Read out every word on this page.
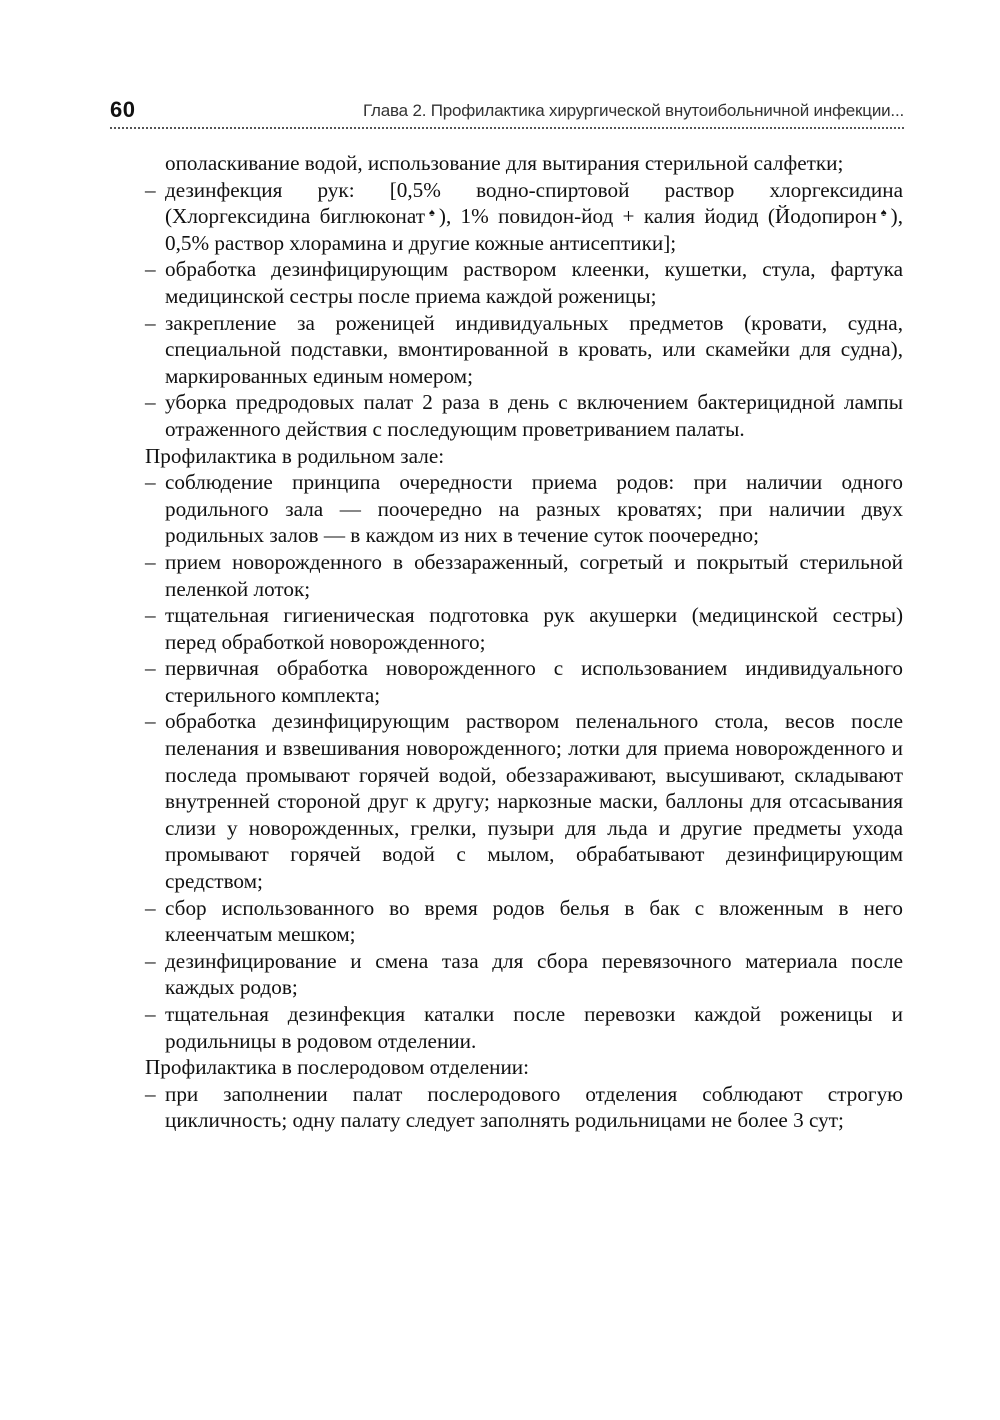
60	Глава 2. Профилактика хирургической внутоибольничной инфекции...

ополаскивание водой, использование для вытирания стерильной салфетки;

– дезинфекция рук: [0,5% водно-спиртовой раствор хлоргексидина (Хлоргексидина биглюконат♠), 1% повидон-йод + калия йодид (Йодопирон♠), 0,5% раствор хлорамина и другие кожные антисептики];

– обработка дезинфицирующим раствором клеенки, кушетки, стула, фартука медицинской сестры после приема каждой роженицы;

– закрепление за роженицей индивидуальных предметов (кровати, судна, специальной подставки, вмонтированной в кровать, или скамейки для судна), маркированных единым номером;

– уборка предродовых палат 2 раза в день с включением бактерицидной лампы отраженного действия с последующим проветриванием палаты.

Профилактика в родильном зале:

– соблюдение принципа очередности приема родов: при наличии одного родильного зала — поочередно на разных кроватях; при наличии двух родильных залов — в каждом из них в течение суток поочередно;

– прием новорожденного в обеззараженный, согретый и покрытый стерильной пеленкой лоток;

– тщательная гигиеническая подготовка рук акушерки (медицинской сестры) перед обработкой новорожденного;

– первичная обработка новорожденного с использованием индивидуального стерильного комплекта;

– обработка дезинфицирующим раствором пеленального стола, весов после пеленания и взвешивания новорожденного; лотки для приема новорожденного и последа промывают горячей водой, обеззараживают, высушивают, складывают внутренней стороной друг к другу; наркозные маски, баллоны для отсасывания слизи у новорожденных, грелки, пузыри для льда и другие предметы ухода промывают горячей водой с мылом, обрабатывают дезинфицирующим средством;

– сбор использованного во время родов белья в бак с вложенным в него клеенчатым мешком;

– дезинфицирование и смена таза для сбора перевязочного материала после каждых родов;

– тщательная дезинфекция каталки после перевозки каждой роженицы и родильницы в родовом отделении.

Профилактика в послеродовом отделении:

– при заполнении палат послеродового отделения соблюдают строгую цикличность; одну палату следует заполнять родильницами не более 3 сут;
